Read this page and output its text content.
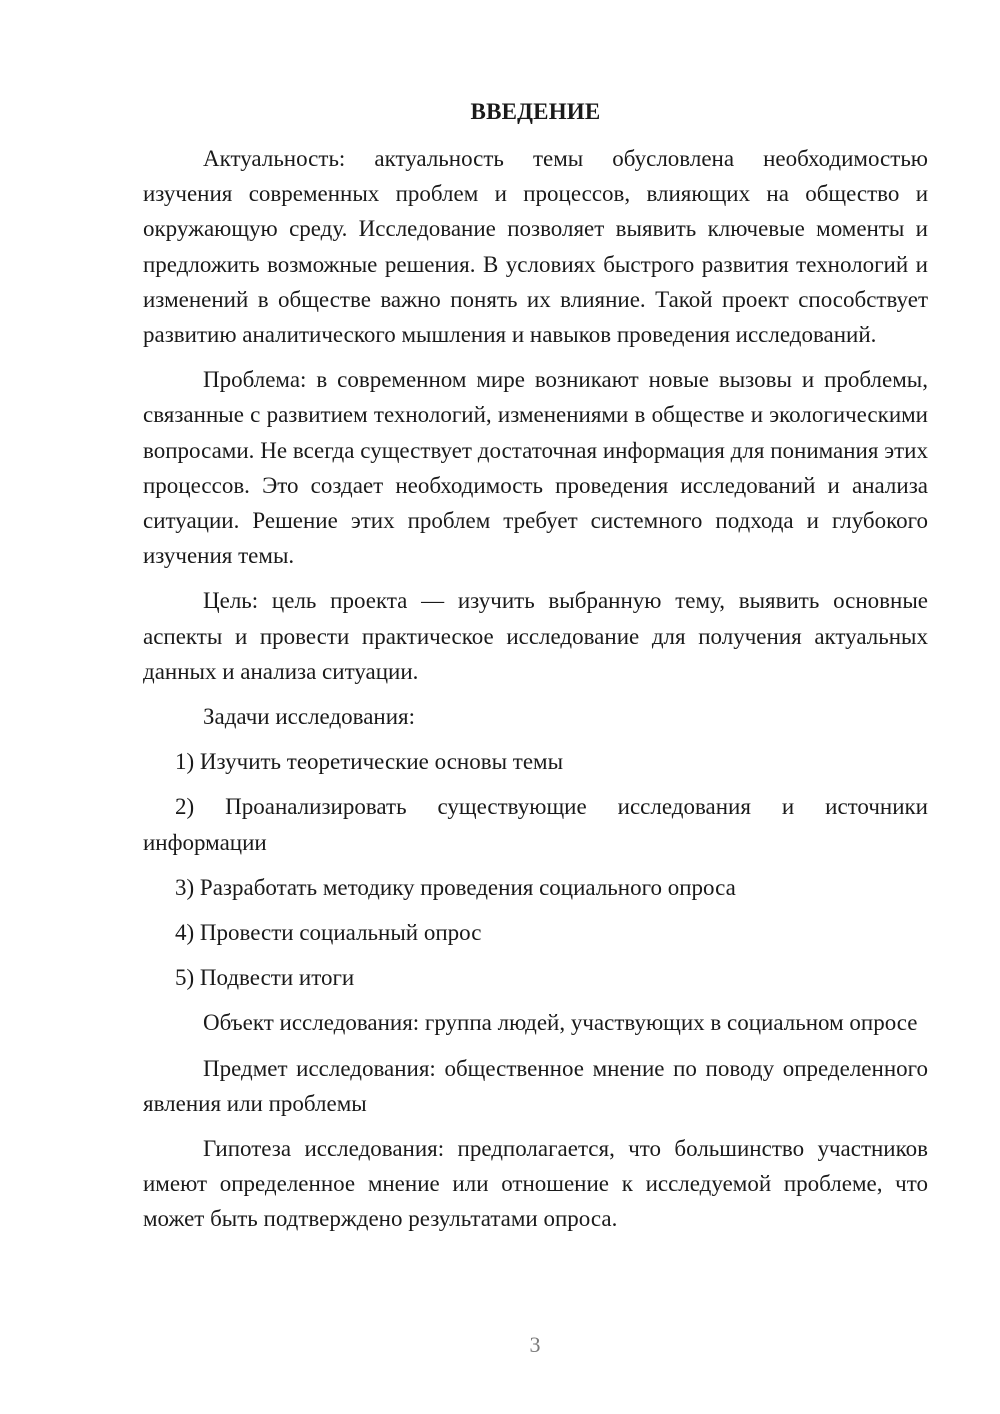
ВВЕДЕНИЕ

Актуальность: актуальность темы обусловлена необходимостью изучения современных проблем и процессов, влияющих на общество и окружающую среду. Исследование позволяет выявить ключевые моменты и предложить возможные решения. В условиях быстрого развития технологий и изменений в обществе важно понять их влияние. Такой проект способствует развитию аналитического мышления и навыков проведения исследований.

Проблема: в современном мире возникают новые вызовы и проблемы, связанные с развитием технологий, изменениями в обществе и экологическими вопросами. Не всегда существует достаточная информация для понимания этих процессов. Это создает необходимость проведения исследований и анализа ситуации. Решение этих проблем требует системного подхода и глубокого изучения темы.

Цель: цель проекта — изучить выбранную тему, выявить основные аспекты и провести практическое исследование для получения актуальных данных и анализа ситуации.

Задачи исследования:

1) Изучить теоретические основы темы

2) Проанализировать существующие исследования и источники информации

3) Разработать методику проведения социального опроса

4) Провести социальный опрос

5) Подвести итоги

Объект исследования: группа людей, участвующих в социальном опросе

Предмет исследования: общественное мнение по поводу определенного явления или проблемы

Гипотеза исследования: предполагается, что большинство участников имеют определенное мнение или отношение к исследуемой проблеме, что может быть подтверждено результатами опроса.

3
